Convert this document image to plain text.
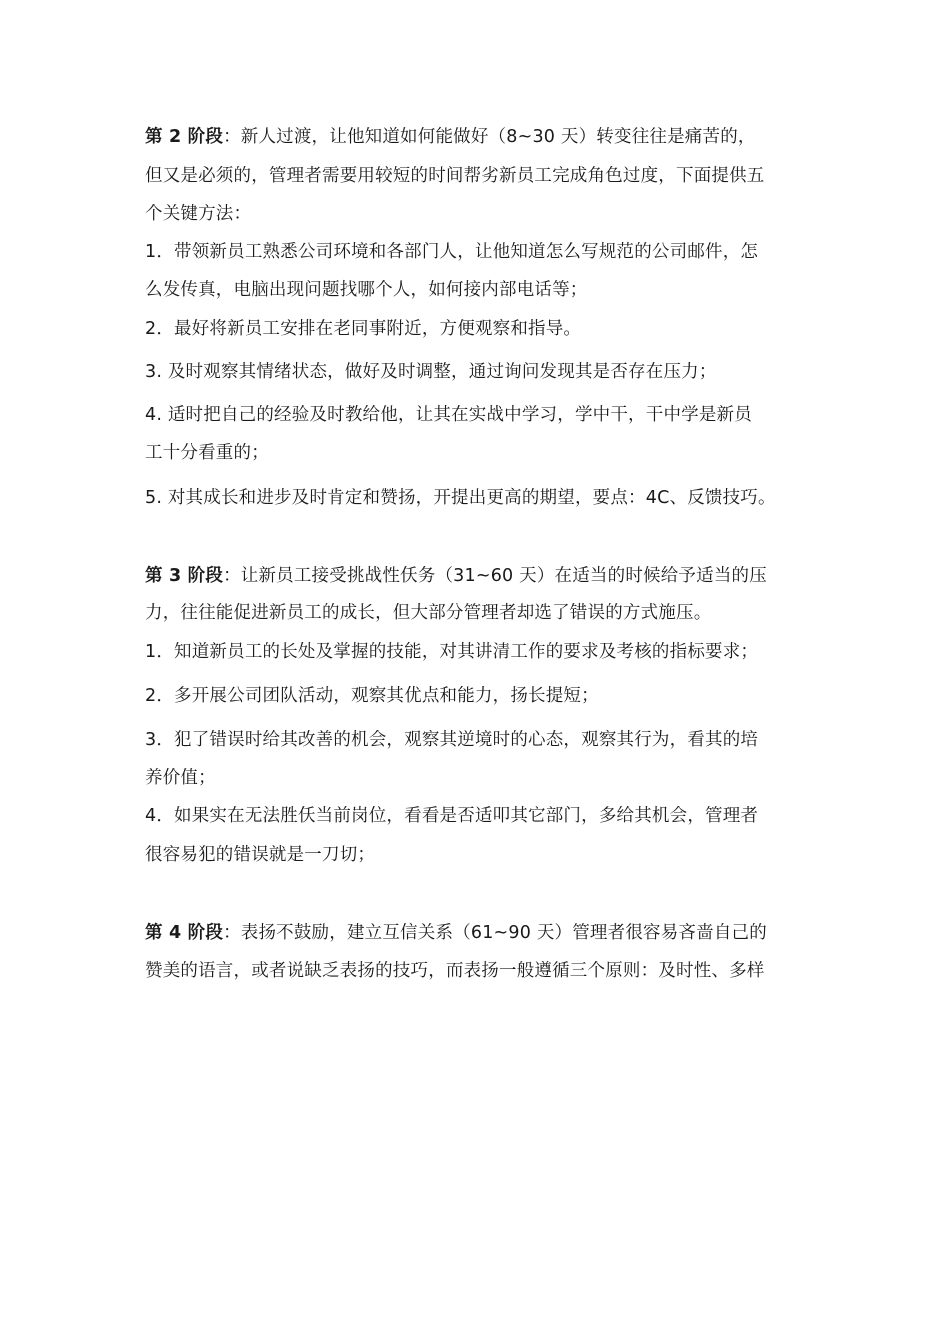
第 2 阶段：新人过渡，让他知道如何能做好（8~30 天）转变往往是痛苦的，
但又是必须的，管理者需要用较短的时间帮劣新员工完成角色过度，下面提供五
个关键方法：
1．带领新员工熟悉公司环境和各部门人，让他知道怎么写规范的公司邮件，怎
么发传真，电脑出现问题找哪个人，如何接内部电话等；
2．最好将新员工安排在老同事附近，方便观察和指导。
3. 及时观察其情绪状态，做好及时调整，通过询问发现其是否存在压力；
4. 适时把自己的经验及时教给他，让其在实战中学习，学中干，干中学是新员
工十分看重的；
5. 对其成长和进步及时肯定和赞扬，开提出更高的期望，要点：4C、反馈技巧。
第 3 阶段：让新员工接受挑战性仸务（31~60 天）在适当的时候给予适当的压
力，往往能促进新员工的成长，但大部分管理者却选了错误的方式施压。
1．知道新员工的长处及掌握的技能，对其讲清工作的要求及考核的指标要求；
2．多开展公司团队活动，观察其优点和能力，扬长提短；
3．犯了错误时给其改善的机会，观察其逆境时的心态，观察其行为，看其的培
养价值；
4．如果实在无法胜仸当前岗位，看看是否适叩其它部门，多给其机会，管理者
很容易犯的错误就是一刀切；
第 4 阶段：表扬不鼓励，建立互信关系（61~90 天）管理者很容易吝啬自己的
赞美的语言，或者说缺乏表扬的技巧，而表扬一般遵循三个原则：及时性、多样
